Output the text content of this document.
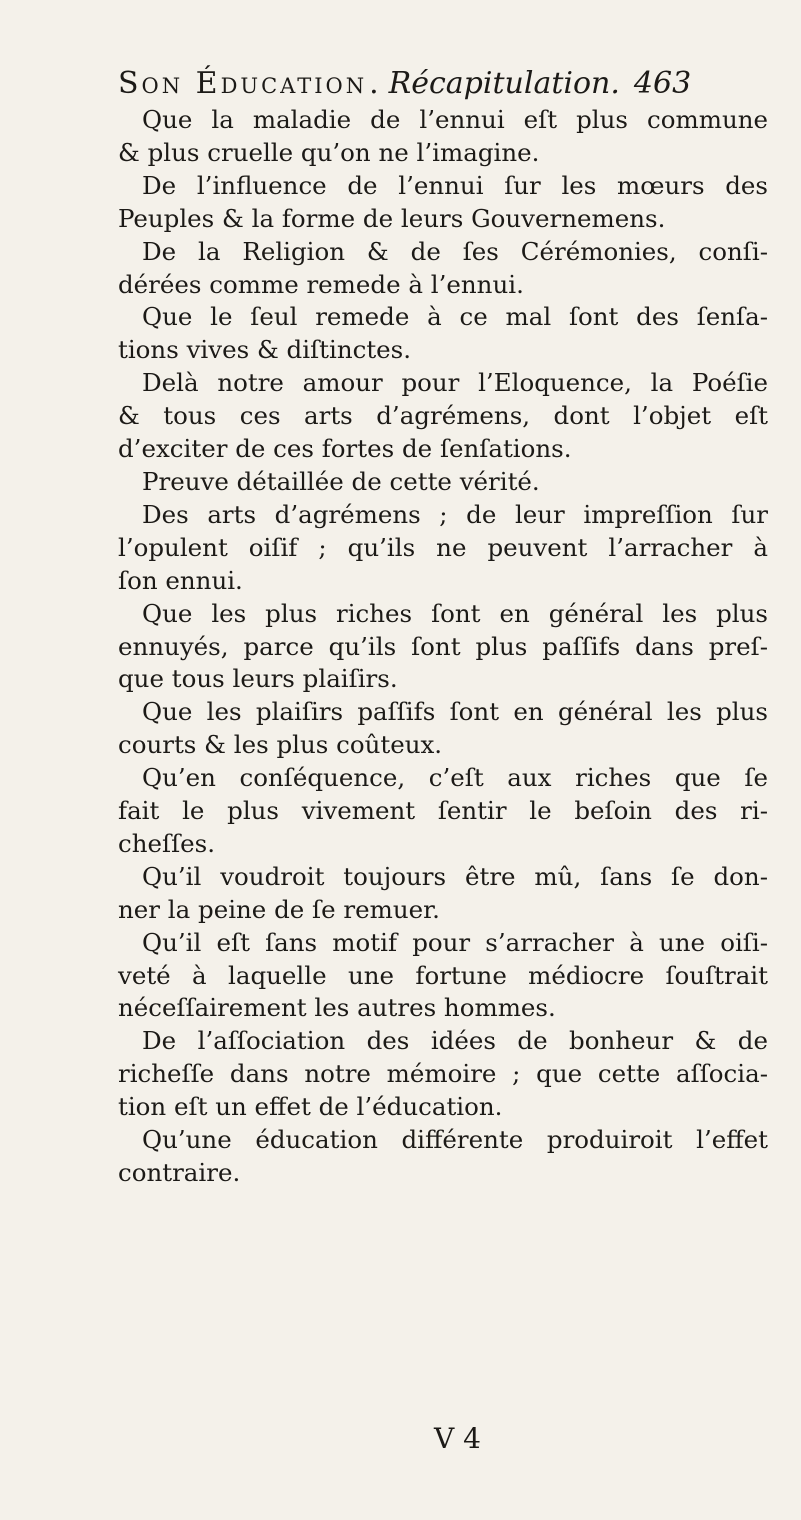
Son Éducation. Récapitulation. 463

Que la maladie de l’ennui eſt plus commune
& plus cruelle qu’on ne l’imagine.

De l’influence de l’ennui ſur les mœurs des
Peuples & la forme de leurs Gouvernemens.

De la Religion & de ſes Cérémonies, conſi-
dérées comme remede à l’ennui.

Que le ſeul remede à ce mal ſont des ſenſa-
tions vives & diſtinctes.

Delà notre amour pour l’Eloquence, la Poéſie
& tous ces arts d’agrémens, dont l’objet eſt
d’exciter de ces fortes de ſenſations.

Preuve détaillée de cette vérité.

Des arts d’agrémens ; de leur impreſſion ſur
l’opulent oiſif ; qu’ils ne peuvent l’arracher à
ſon ennui.

Que les plus riches ſont en général les plus
ennuyés, parce qu’ils ſont plus paſſifs dans preſ-
que tous leurs plaiſirs.

Que les plaiſirs paſſifs ſont en général les plus
courts & les plus coûteux.

Qu’en conſéquence, c’eſt aux riches que ſe
fait le plus vivement ſentir le beſoin des ri-
cheſſes.

Qu’il voudroit toujours être mû, ſans ſe don-
ner la peine de ſe remuer.

Qu’il eſt ſans motif pour s’arracher à une oiſi-
veté à laquelle une fortune médiocre ſouſtrait
néceſſairement les autres hommes.

De l’aſſociation des idées de bonheur & de
richeſſe dans notre mémoire ; que cette aſſocia-
tion eſt un effet de l’éducation.

Qu’une éducation différente produiroit l’effet
contraire.

V 4
